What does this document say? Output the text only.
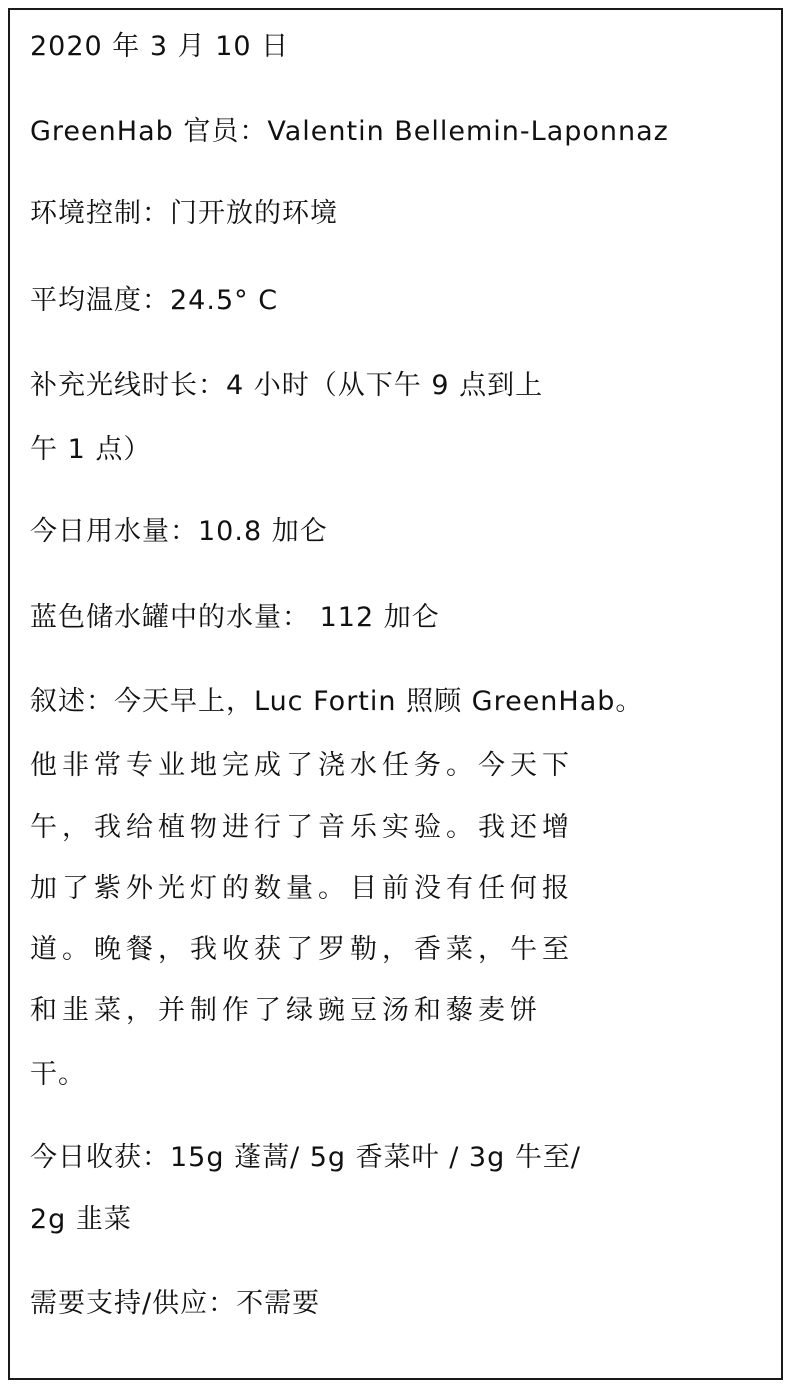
2020 年 3 月 10 日

GreenHab 官员：Valentin Bellemin-Laponnaz

环境控制：门开放的环境

平均温度：24.5° C

补充光线时长：4 小时（从下午 9 点到上

午 1 点）

今日用水量：10.8 加仑

蓝色储水罐中的水量： 112 加仑

叙述：今天早上，Luc Fortin 照顾 GreenHab。

他非常专业地完成了浇水任务。今天下

午，我给植物进行了音乐实验。我还增

加了紫外光灯的数量。目前没有任何报

道。晚餐，我收获了罗勒，香菜，牛至

和韭菜，并制作了绿豌豆汤和藜麦饼

干。

今日收获：15g 蓬蒿/ 5g 香菜叶 / 3g 牛至/

2g 韭菜

需要支持/供应：不需要
